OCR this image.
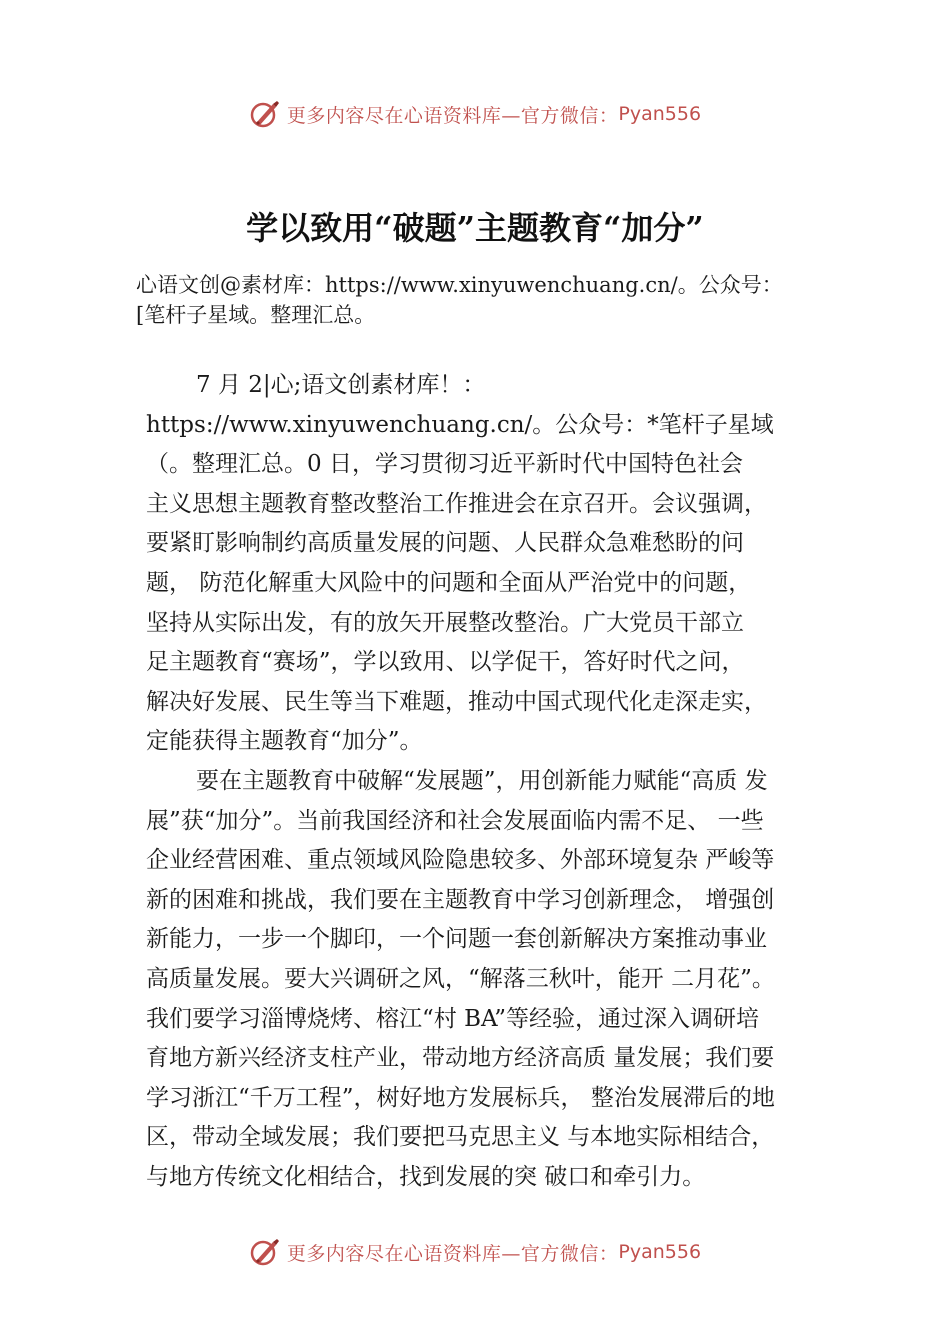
更多内容尽在心语资料库—官方微信： Pyan556
学以致用“破题”主题教育“加分”

心语文创@素材库：https://www.xinyuwenchuang.cn/。公众号：
[笔杆子星域。整理汇总。

7 月 2|心;语文创素材库！：
https://www.xinyuwenchuang.cn/。公众号：*笔杆子星域
（。整理汇总。0 日，学习贯彻习近平新时代中国特色社会
主义思想主题教育整改整治工作推进会在京召开。会议强调，
要紧盯影响制约高质量发展的问题、人民群众急难愁盼的问
题， 防范化解重大风险中的问题和全面从严治党中的问题，
坚持从实际出发，有的放矢开展整改整治。广大党员干部立
足主题教育“赛场”，学以致用、以学促干，答好时代之问，
解决好发展、民生等当下难题，推动中国式现代化走深走实，
定能获得主题教育“加分”。
要在主题教育中破解“发展题”，用创新能力赋能“高质 发
展”获“加分”。当前我国经济和社会发展面临内需不足、 一些
企业经营困难、重点领域风险隐患较多、外部环境复杂 严峻等
新的困难和挑战，我们要在主题教育中学习创新理念， 增强创
新能力，一步一个脚印，一个问题一套创新解决方案推动事业
高质量发展。要大兴调研之风，“解落三秋叶，能开 二月花”。
我们要学习淄博烧烤、榕江“村 BA”等经验，通过深入调研培
育地方新兴经济支柱产业，带动地方经济高质 量发展；我们要
学习浙江“千万工程”，树好地方发展标兵， 整治发展滞后的地
区，带动全域发展；我们要把马克思主义 与本地实际相结合，
与地方传统文化相结合，找到发展的突 破口和牵引力。
更多内容尽在心语资料库—官方微信： Pyan556
